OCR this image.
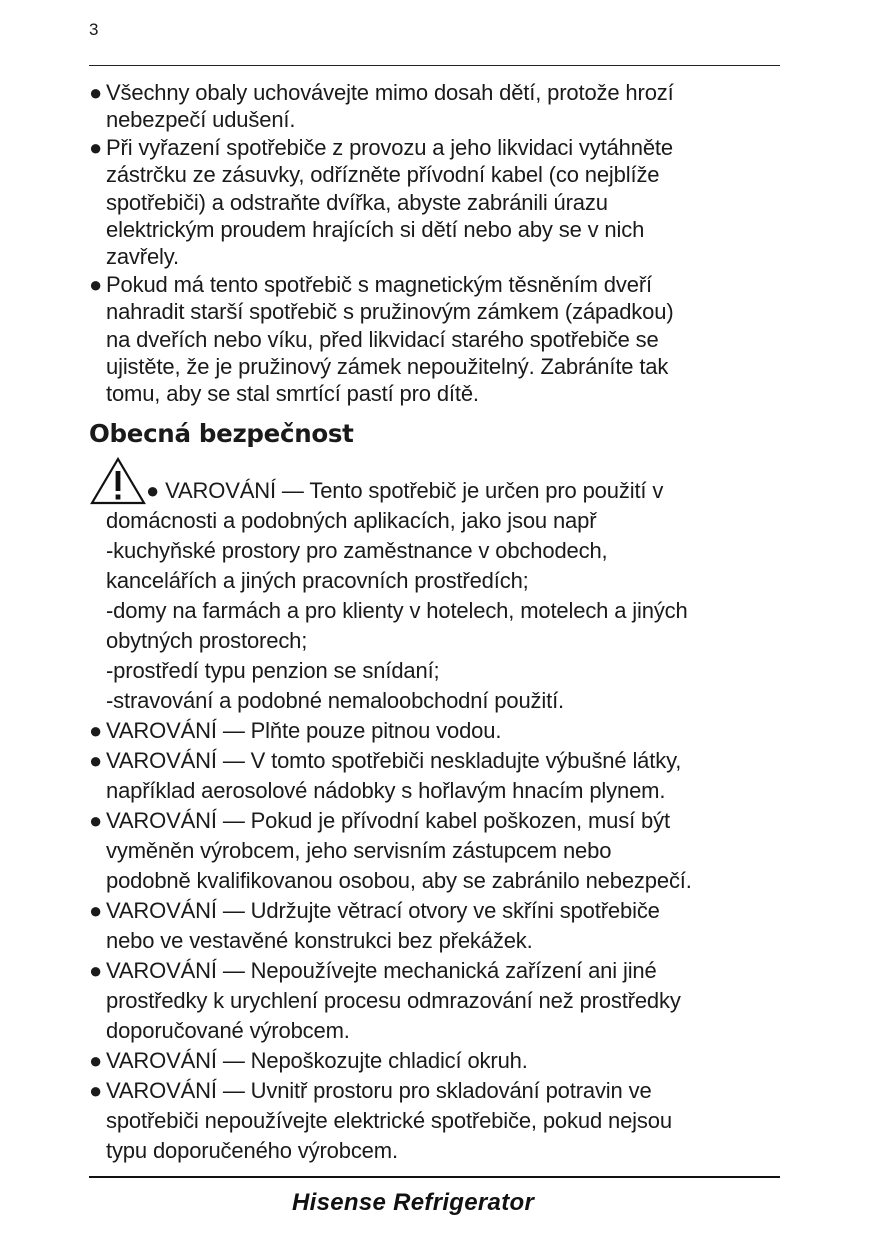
3
● Všechny obaly uchovávejte mimo dosah dětí, protože hrozí
nebezpečí udušení.
● Při vyřazení spotřebiče z provozu a jeho likvidaci vytáhněte
zástrčku ze zásuvky, odřízněte přívodní kabel (co nejblíže
spotřebiči) a odstraňte dvířka, abyste zabránili úrazu
elektrickým proudem hrajících si dětí nebo aby se v nich
zavřely.
● Pokud má tento spotřebič s magnetickým těsněním dveří
nahradit starší spotřebič s pružinovým zámkem (západkou)
na dveřích nebo víku, před likvidací starého spotřebiče se
ujistěte, že je pružinový zámek nepoužitelný. Zabráníte tak
tomu, aby se stal smrtící pastí pro dítě.
Obecná bezpečnost
● VAROVÁNÍ — Tento spotřebič je určen pro použití v
domácnosti a podobných aplikacích, jako jsou např
-kuchyňské prostory pro zaměstnance v obchodech,
kancelářích a jiných pracovních prostředích;
-domy na farmách a pro klienty v hotelech, motelech a jiných
obytných prostorech;
-prostředí typu penzion se snídaní;
-stravování a podobné nemaloobchodní použití.
● VAROVÁNÍ — Plňte pouze pitnou vodou.
● VAROVÁNÍ — V tomto spotřebiči neskladujte výbušné látky,
například aerosolové nádobky s hořlavým hnacím plynem.
● VAROVÁNÍ — Pokud je přívodní kabel poškozen, musí být
vyměněn výrobcem, jeho servisním zástupcem nebo
podobně kvalifikovanou osobou, aby se zabránilo nebezpečí.
● VAROVÁNÍ — Udržujte větrací otvory ve skříni spotřebiče
nebo ve vestavěné konstrukci bez překážek.
● VAROVÁNÍ — Nepoužívejte mechanická zařízení ani jiné
prostředky k urychlení procesu odmrazování než prostředky
doporučované výrobcem.
● VAROVÁNÍ — Nepoškozujte chladicí okruh.
● VAROVÁNÍ — Uvnitř prostoru pro skladování potravin ve
spotřebiči nepoužívejte elektrické spotřebiče, pokud nejsou
typu doporučeného výrobcem.
Hisense Refrigerator
